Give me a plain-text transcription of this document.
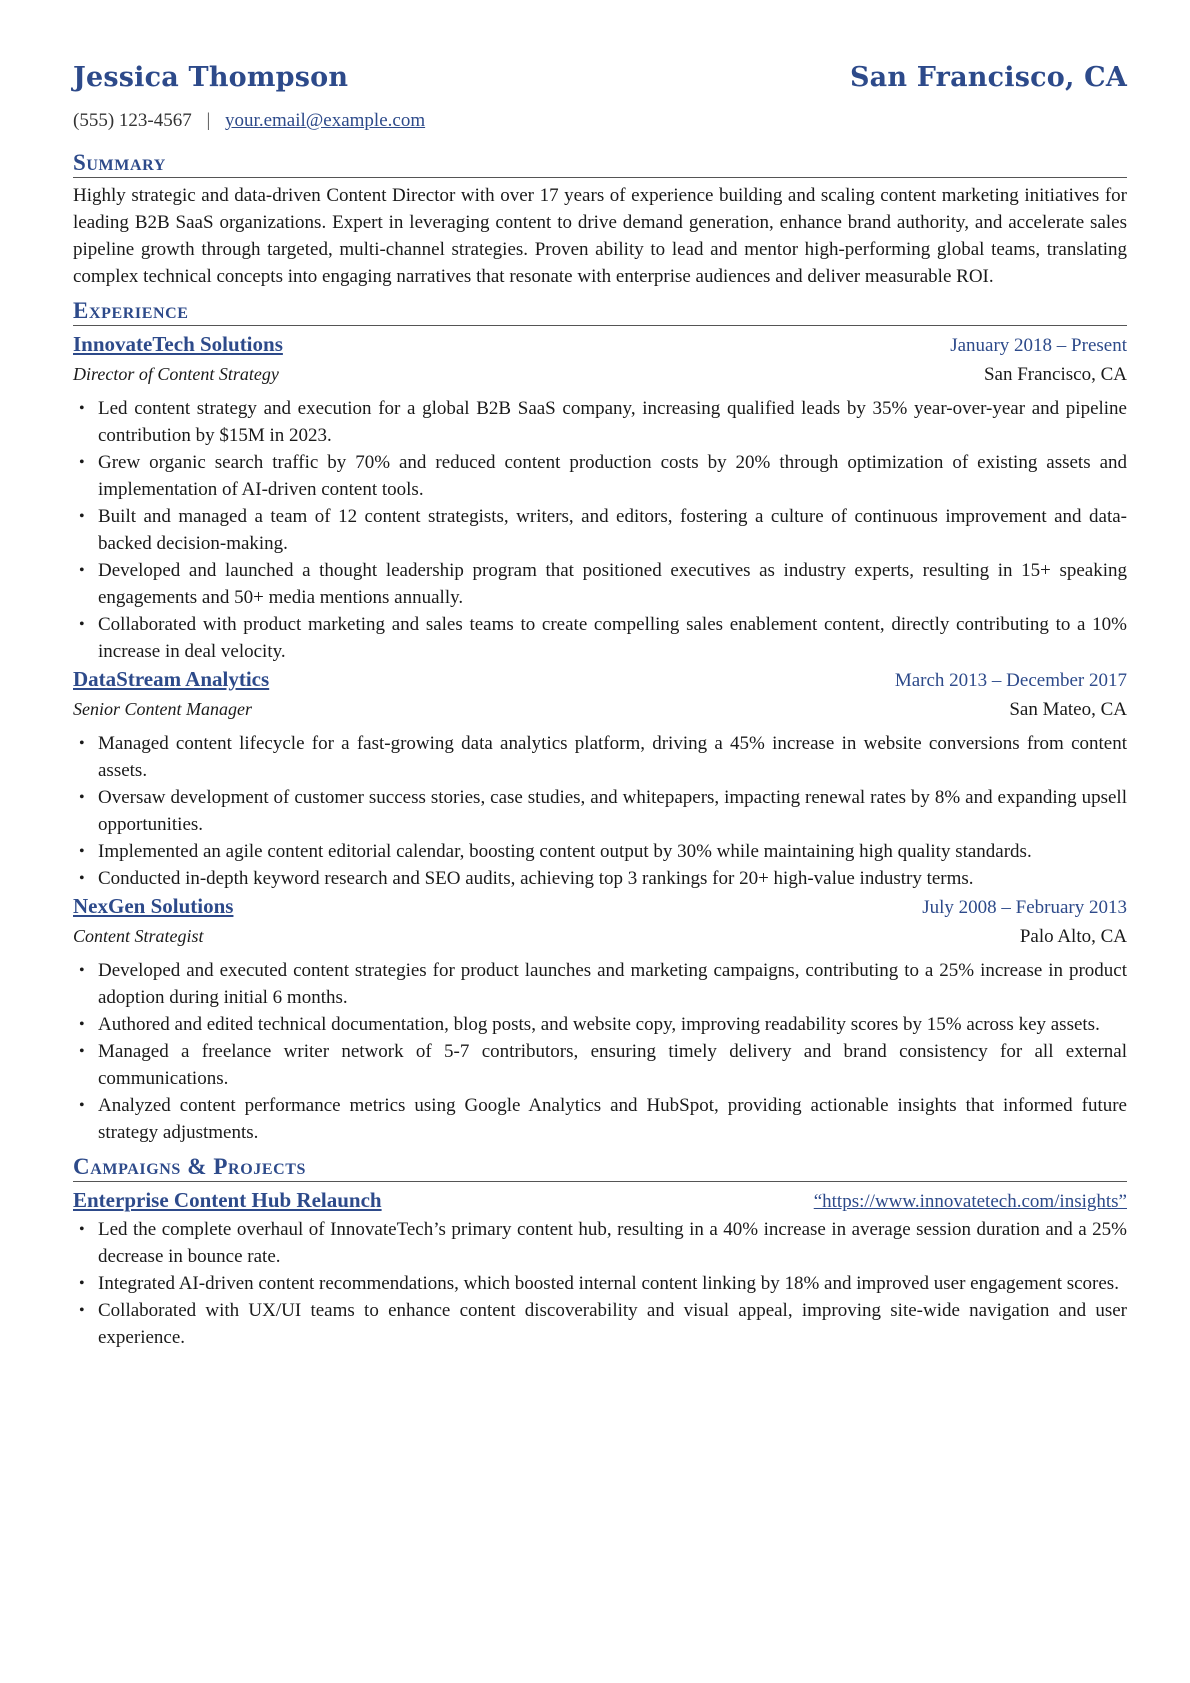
Jessica Thompson	San Francisco, CA
(555) 123-4567 | your.email@example.com
Summary
Highly strategic and data-driven Content Director with over 17 years of experience building and scaling content marketing initiatives for leading B2B SaaS organizations. Expert in leveraging content to drive demand generation, enhance brand authority, and accelerate sales pipeline growth through targeted, multi-channel strategies. Proven ability to lead and mentor high-performing global teams, translating complex technical concepts into engaging narratives that resonate with enterprise audiences and deliver measurable ROI.
Experience
InnovateTech Solutions	January 2018 – Present
Director of Content Strategy	San Francisco, CA
• Led content strategy and execution for a global B2B SaaS company, increasing qualified leads by 35% year-over-year and pipeline contribution by $15M in 2023.
• Grew organic search traffic by 70% and reduced content production costs by 20% through optimization of existing assets and implementation of AI-driven content tools.
• Built and managed a team of 12 content strategists, writers, and editors, fostering a culture of continuous improvement and data-backed decision-making.
• Developed and launched a thought leadership program that positioned executives as industry experts, resulting in 15+ speaking engagements and 50+ media mentions annually.
• Collaborated with product marketing and sales teams to create compelling sales enablement content, directly contributing to a 10% increase in deal velocity.
DataStream Analytics	March 2013 – December 2017
Senior Content Manager	San Mateo, CA
• Managed content lifecycle for a fast-growing data analytics platform, driving a 45% increase in website conversions from content assets.
• Oversaw development of customer success stories, case studies, and whitepapers, impacting renewal rates by 8% and expanding upsell opportunities.
• Implemented an agile content editorial calendar, boosting content output by 30% while maintaining high quality standards.
• Conducted in-depth keyword research and SEO audits, achieving top 3 rankings for 20+ high-value industry terms.
NexGen Solutions	July 2008 – February 2013
Content Strategist	Palo Alto, CA
• Developed and executed content strategies for product launches and marketing campaigns, contributing to a 25% increase in product adoption during initial 6 months.
• Authored and edited technical documentation, blog posts, and website copy, improving readability scores by 15% across key assets.
• Managed a freelance writer network of 5-7 contributors, ensuring timely delivery and brand consistency for all external communications.
• Analyzed content performance metrics using Google Analytics and HubSpot, providing actionable insights that informed future strategy adjustments.
Campaigns & Projects
Enterprise Content Hub Relaunch	“https://www.innovatetech.com/insights”
• Led the complete overhaul of InnovateTech’s primary content hub, resulting in a 40% increase in average session duration and a 25% decrease in bounce rate.
• Integrated AI-driven content recommendations, which boosted internal content linking by 18% and improved user engagement scores.
• Collaborated with UX/UI teams to enhance content discoverability and visual appeal, improving site-wide navigation and user experience.
